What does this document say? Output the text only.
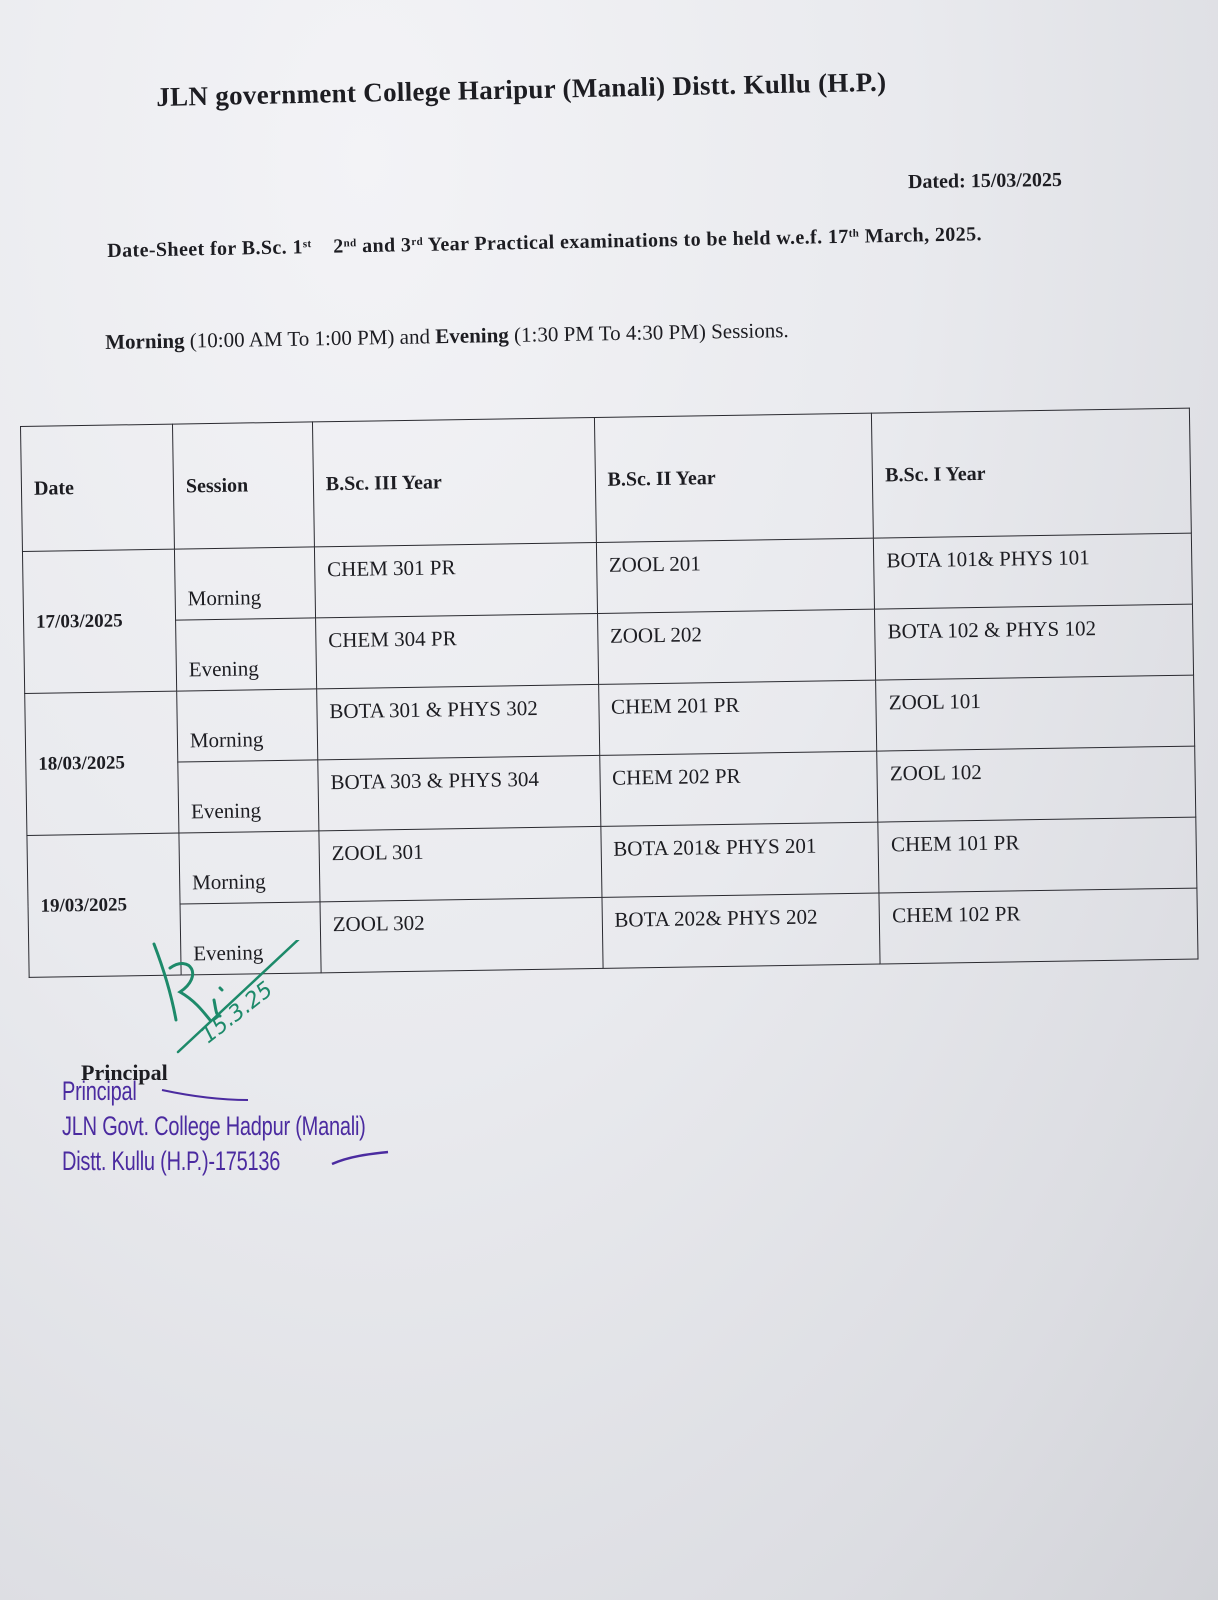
JLN government College Haripur (Manali) Distt. Kullu (H.P.)
Dated: 15/03/2025
Date-Sheet for B.Sc. 1st 2nd and 3rd Year Practical examinations to be held w.e.f. 17th March, 2025.
Morning (10:00 AM To 1:00 PM) and Evening (1:30 PM To 4:30 PM) Sessions.
Date	Session	B.Sc. III Year	B.Sc. II Year	B.Sc. I Year
17/03/2025	Morning	CHEM 301 PR	ZOOL 201	BOTA 101& PHYS 101
	Evening	CHEM 304 PR	ZOOL 202	BOTA 102 & PHYS 102
18/03/2025	Morning	BOTA 301 & PHYS 302	CHEM 201 PR	ZOOL 101
	Evening	BOTA 303 & PHYS 304	CHEM 202 PR	ZOOL 102
19/03/2025	Morning	ZOOL 301	BOTA 201& PHYS 201	CHEM 101 PR
	Evening	ZOOL 302	BOTA 202& PHYS 202	CHEM 102 PR
15.3.25
Principal
Principal
JLN Govt. College Hadpur (Manali)
Distt. Kullu (H.P.)-175136
